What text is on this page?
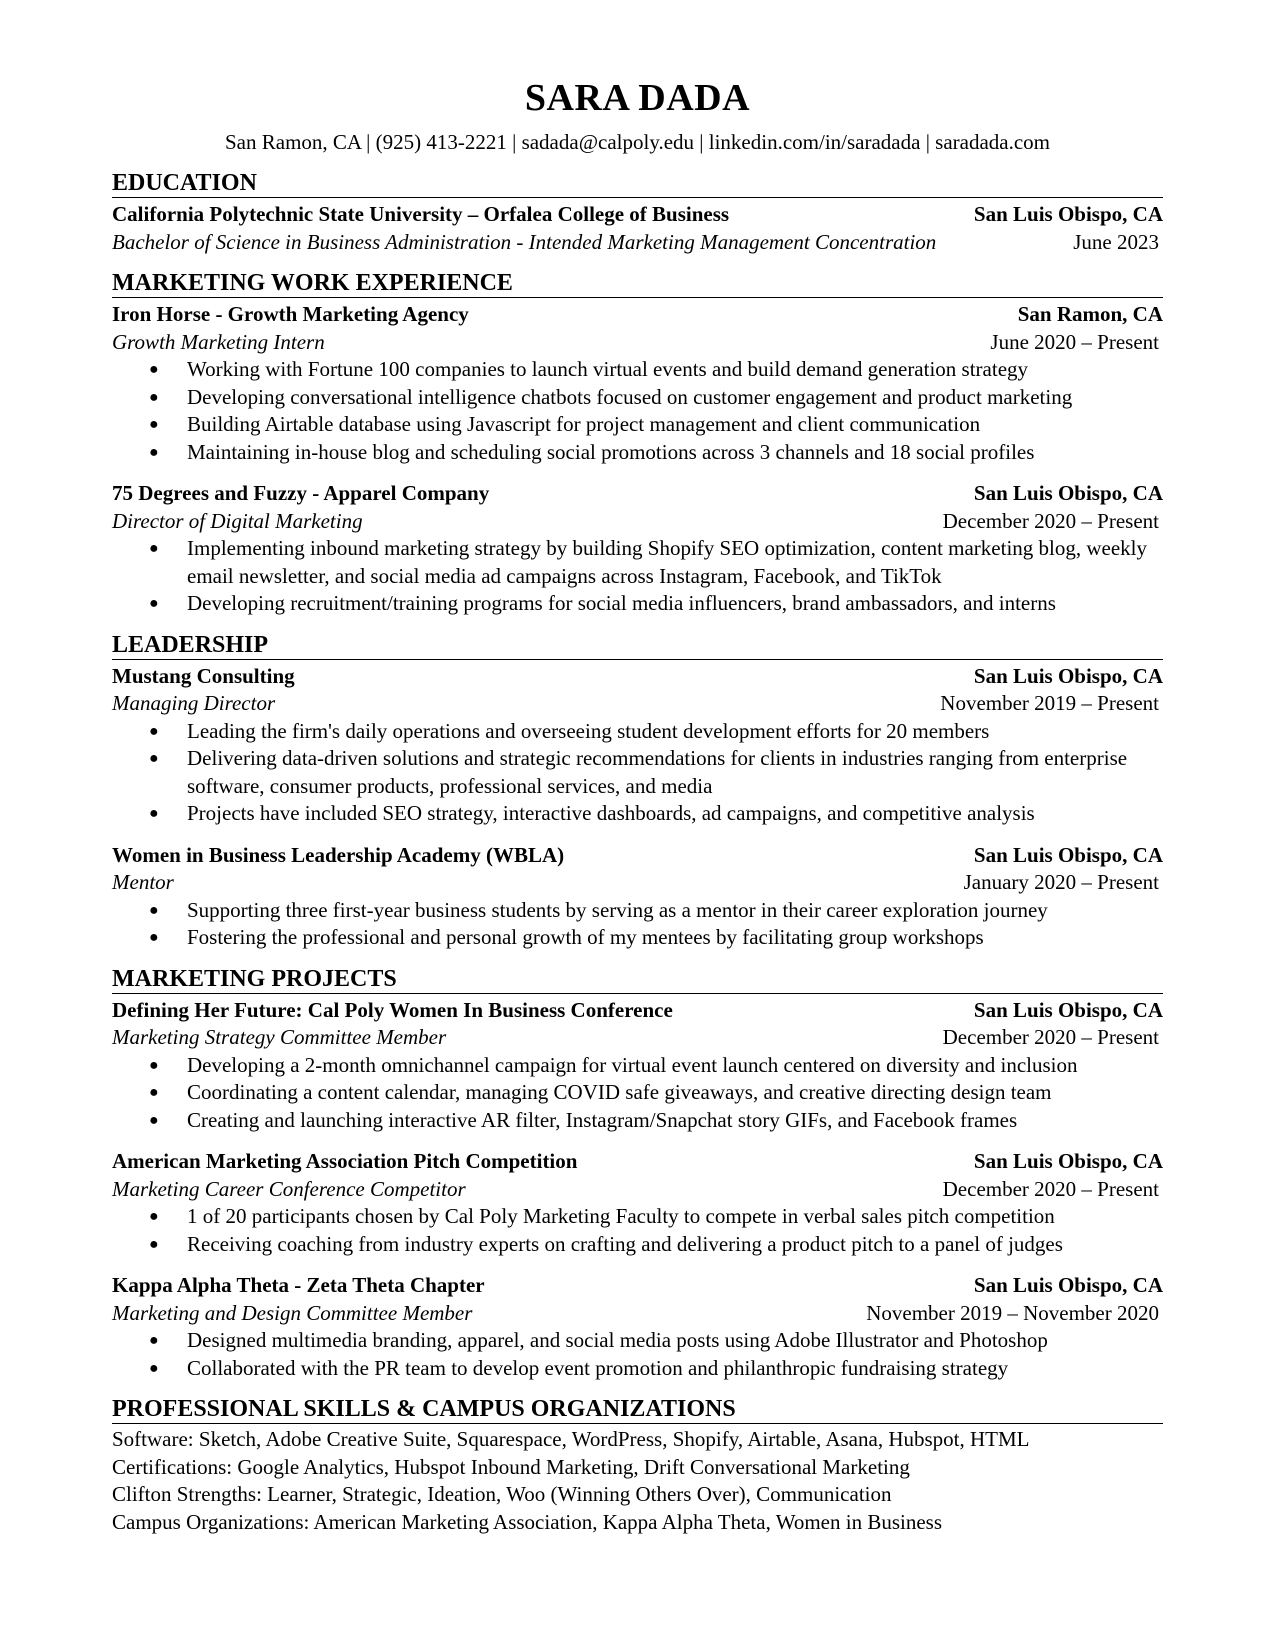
SARA DADA
San Ramon, CA | (925) 413-2221 | sadada@calpoly.edu | linkedin.com/in/saradada | saradada.com
EDUCATION
California Polytechnic State University – Orfalea College of Business	San Luis Obispo, CA
Bachelor of Science in Business Administration - Intended Marketing Management Concentration	June 2023
MARKETING WORK EXPERIENCE
Iron Horse - Growth Marketing Agency	San Ramon, CA
Growth Marketing Intern	June 2020 – Present
● Working with Fortune 100 companies to launch virtual events and build demand generation strategy
● Developing conversational intelligence chatbots focused on customer engagement and product marketing
● Building Airtable database using Javascript for project management and client communication
● Maintaining in-house blog and scheduling social promotions across 3 channels and 18 social profiles
75 Degrees and Fuzzy - Apparel Company	San Luis Obispo, CA
Director of Digital Marketing	December 2020 – Present
● Implementing inbound marketing strategy by building Shopify SEO optimization, content marketing blog, weekly email newsletter, and social media ad campaigns across Instagram, Facebook, and TikTok
● Developing recruitment/training programs for social media influencers, brand ambassadors, and interns
LEADERSHIP
Mustang Consulting	San Luis Obispo, CA
Managing Director	November 2019 – Present
● Leading the firm's daily operations and overseeing student development efforts for 20 members
● Delivering data-driven solutions and strategic recommendations for clients in industries ranging from enterprise software, consumer products, professional services, and media
● Projects have included SEO strategy, interactive dashboards, ad campaigns, and competitive analysis
Women in Business Leadership Academy (WBLA)	San Luis Obispo, CA
Mentor	January 2020 – Present
● Supporting three first-year business students by serving as a mentor in their career exploration journey
● Fostering the professional and personal growth of my mentees by facilitating group workshops
MARKETING PROJECTS
Defining Her Future: Cal Poly Women In Business Conference	San Luis Obispo, CA
Marketing Strategy Committee Member	December 2020 – Present
● Developing a 2-month omnichannel campaign for virtual event launch centered on diversity and inclusion
● Coordinating a content calendar, managing COVID safe giveaways, and creative directing design team
● Creating and launching interactive AR filter, Instagram/Snapchat story GIFs, and Facebook frames
American Marketing Association Pitch Competition	San Luis Obispo, CA
Marketing Career Conference Competitor	December 2020 – Present
● 1 of 20 participants chosen by Cal Poly Marketing Faculty to compete in verbal sales pitch competition
● Receiving coaching from industry experts on crafting and delivering a product pitch to a panel of judges
Kappa Alpha Theta - Zeta Theta Chapter	San Luis Obispo, CA
Marketing and Design Committee Member	November 2019 – November 2020
● Designed multimedia branding, apparel, and social media posts using Adobe Illustrator and Photoshop
● Collaborated with the PR team to develop event promotion and philanthropic fundraising strategy
PROFESSIONAL SKILLS & CAMPUS ORGANIZATIONS
Software: Sketch, Adobe Creative Suite, Squarespace, WordPress, Shopify, Airtable, Asana, Hubspot, HTML
Certifications: Google Analytics, Hubspot Inbound Marketing, Drift Conversational Marketing
Clifton Strengths: Learner, Strategic, Ideation, Woo (Winning Others Over), Communication
Campus Organizations: American Marketing Association, Kappa Alpha Theta, Women in Business
